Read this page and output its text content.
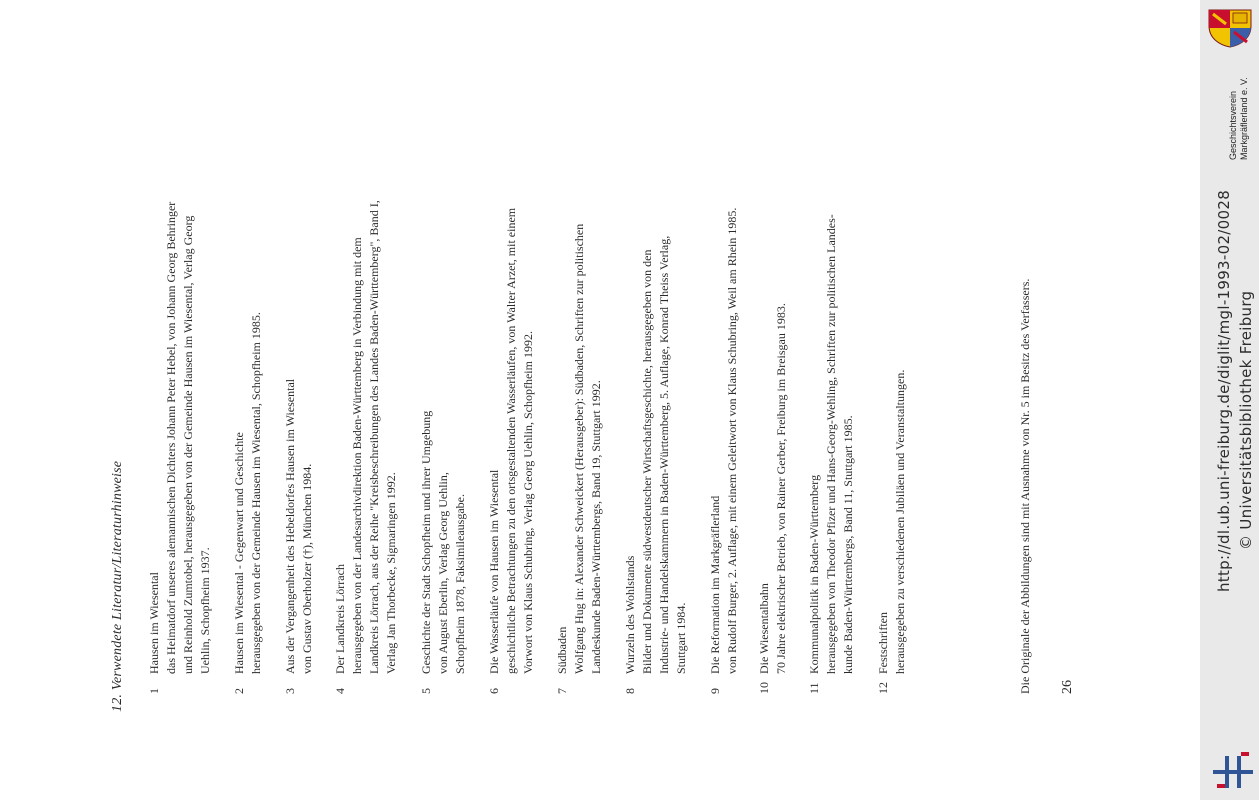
12. Verwendete Literatur/Literaturhinweise 1
Hausen im Wiesental das Heimatdorf unseres alemannischen Dichters Johann Peter Hebel, von Johann Georg Behringer und Reinhold Zumtobel, herausgegeben von der Gemeinde Hausen im Wiesental, Verlag Georg Uehlin, Schopfheim 1937.
2
Hausen im Wiesental - Gegenwart und Geschichte herausgegeben von der Gemeinde Hausen im Wiesental, Schopfheim 1985.
3
Aus der Vergangenheit des Hebeldorfes Hausen im Wiesental von Gustav Oberholzer (†), München 1984.
4
Der Landkreis Lörrach herausgegeben von der Landesarchivdirektion Baden-Württemberg in Verbindung mit dem Landkreis Lörrach, aus der Reihe "Kreisbeschreibungen des Landes Baden-Württemberg", Band I, Verlag Jan Thorbecke, Sigmaringen 1992.
5
Geschichte der Stadt Schopfheim und ihrer Umgebung von August Eberlin, Verlag Georg Uehlin, Schopfheim 1878, Faksimileausgabe.
6
Die Wasserläufe von Hausen im Wiesental geschichtliche Betrachtungen zu den ortsgestaltenden Wasserläufen, von Walter Arzet, mit einem Vorwort von Klaus Schubring, Verlag Georg Uehlin, Schopfheim 1992.
7
Südbaden Wolfgang Hug in: Alexander Schweickert (Herausgeber): Südbaden, Schriften zur politischen Landeskunde Baden-Württembergs, Band 19, Stuttgart 1992.
8
Wurzeln des Wohlstands Bilder und Dokumente südwestdeutscher Wirtschaftsgeschichte, herausgegeben von den Industrie- und Handelskammern in Baden-Württemberg, 5. Auflage, Konrad Theiss Verlag, Stuttgart 1984.
9
Die Reformation im Markgräflerland von Rudolf Burger, 2. Auflage, mit einem Geleitwort von Klaus Schubring, Weil am Rhein 1985.
10
Die Wiesentalbahn 70 Jahre elektrischer Betrieb, von Rainer Gerber, Freiburg im Breisgau 1983.
11
Kommunalpolitik in Baden-Württemberg herausgegeben von Theodor Pfizer und Hans-Georg-Wehling, Schriften zur politischen Landes- kunde Baden-Württembergs, Band 11, Stuttgart 1985.
12
Festschriften herausgegeben zu verschiedenen Jubiläen und Veranstaltungen.	Die Originale der Abbildungen sind mit Ausnahme von Nr. 5 im Besitz des Verfassers. 26
Geschichtsverein Markgräflerland e. V.
http://dl.ub.uni-freiburg.de/diglit/mgl-1993-02/0028 © Universitätsbibliothek Freiburg
